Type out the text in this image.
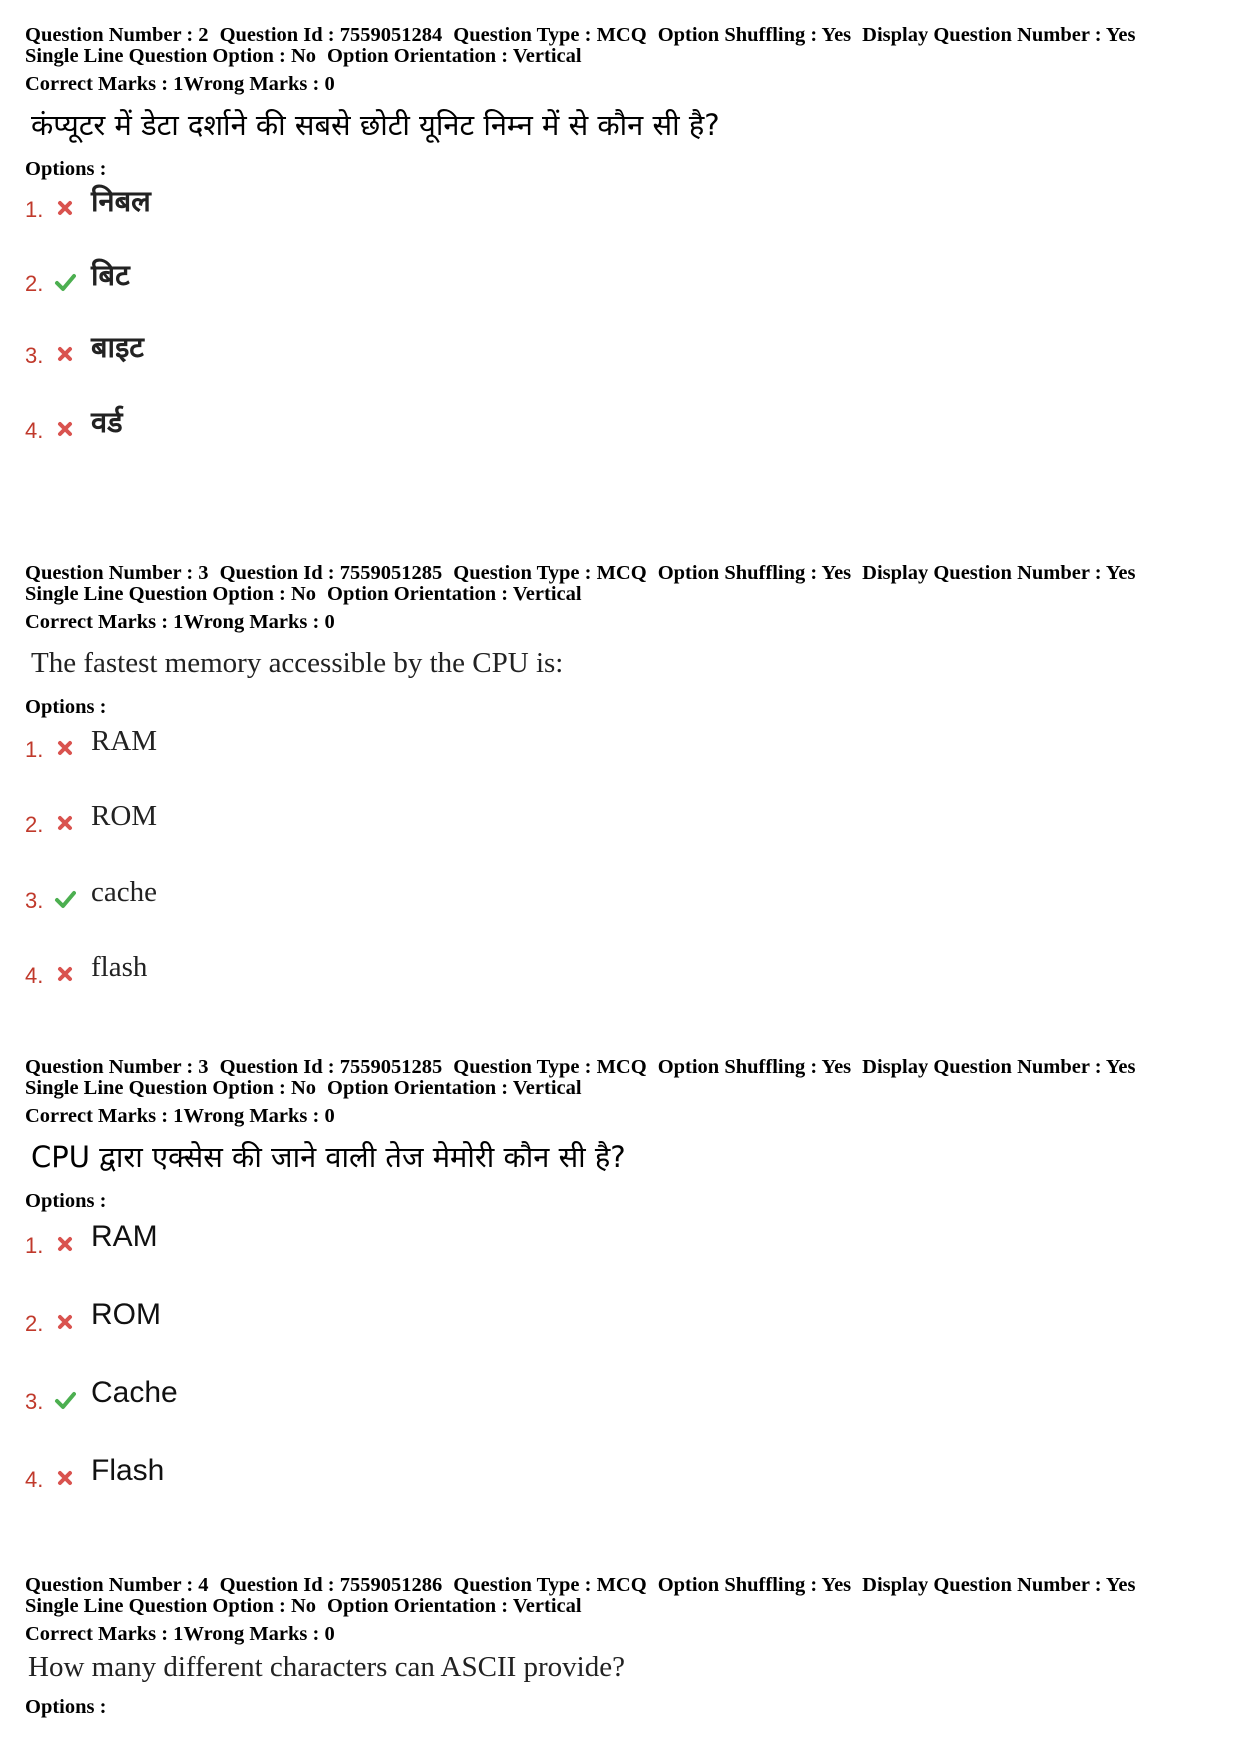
Question Number : 2 Question Id : 7559051284 Question Type : MCQ Option Shuffling : Yes Display Question Number : Yes
Single Line Question Option : No Option Orientation : Vertical
Correct Marks : 1Wrong Marks : 0
कंप्यूटर में डेटा दर्शाने की सबसे छोटी यूनिट निम्न में से कौन सी है?
Options :
1. निबल
2. बिट
3. बाइट
4. वर्ड
Question Number : 3 Question Id : 7559051285 Question Type : MCQ Option Shuffling : Yes Display Question Number : Yes
Single Line Question Option : No Option Orientation : Vertical
Correct Marks : 1Wrong Marks : 0
The fastest memory accessible by the CPU is:
Options :
1. RAM
2. ROM
3. cache
4. flash
Question Number : 3 Question Id : 7559051285 Question Type : MCQ Option Shuffling : Yes Display Question Number : Yes
Single Line Question Option : No Option Orientation : Vertical
Correct Marks : 1Wrong Marks : 0
CPU द्वारा एक्सेस की जाने वाली तेज मेमोरी कौन सी है?
Options :
1. RAM
2. ROM
3. Cache
4. Flash
Question Number : 4 Question Id : 7559051286 Question Type : MCQ Option Shuffling : Yes Display Question Number : Yes
Single Line Question Option : No Option Orientation : Vertical
Correct Marks : 1Wrong Marks : 0
How many different characters can ASCII provide?
Options :
